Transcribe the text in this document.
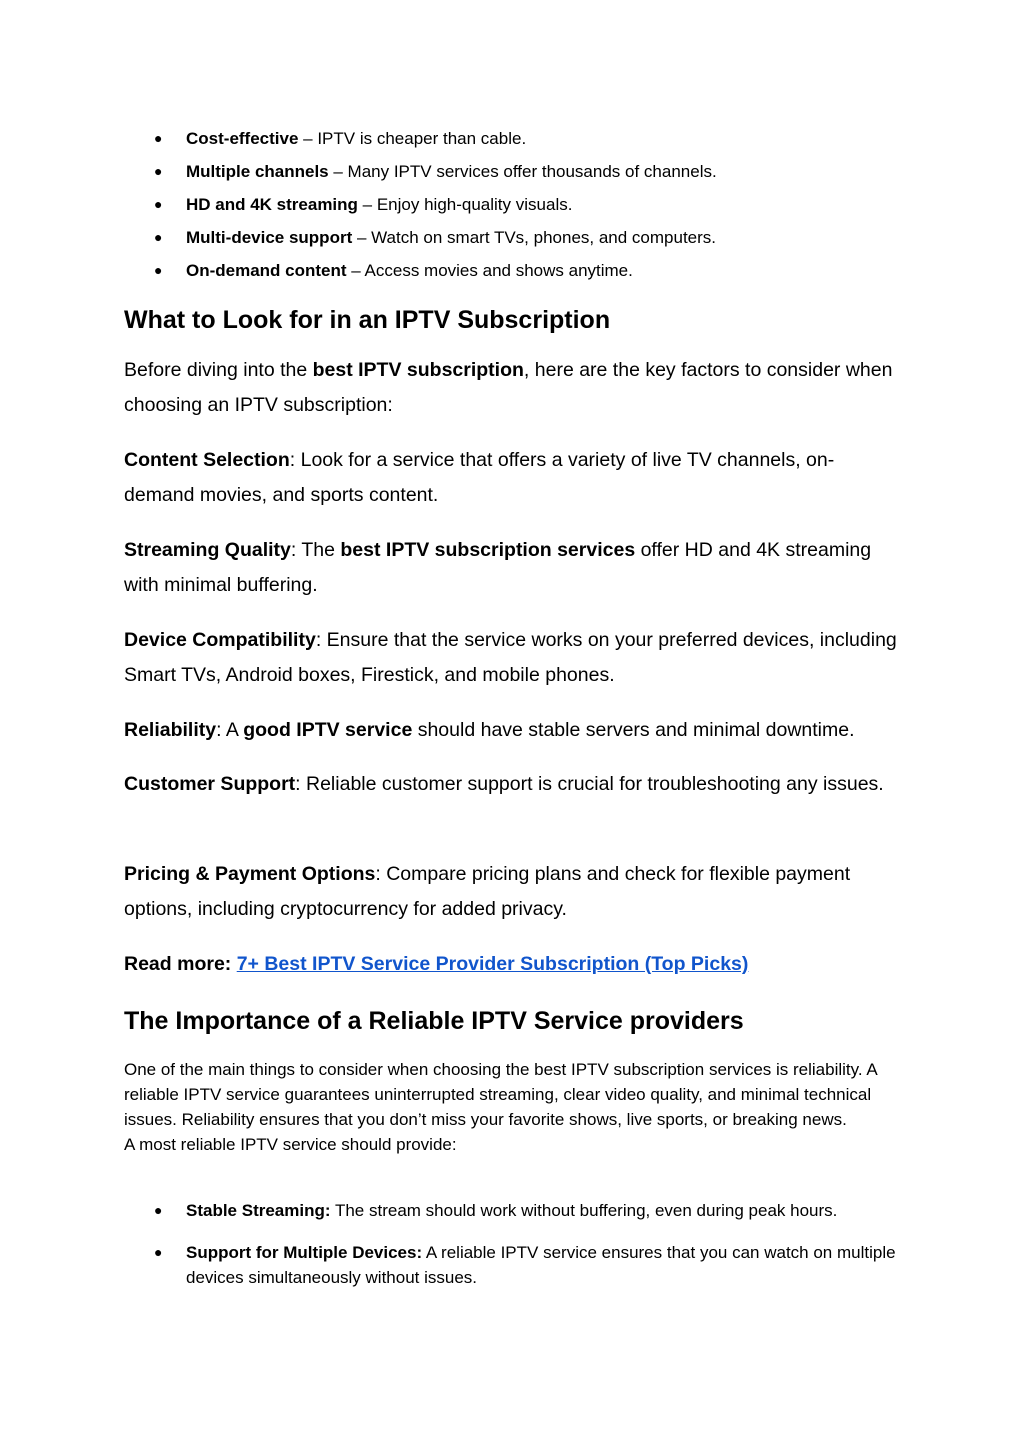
● Cost-effective – IPTV is cheaper than cable.
● Multiple channels – Many IPTV services offer thousands of channels.
● HD and 4K streaming – Enjoy high-quality visuals.
● Multi-device support – Watch on smart TVs, phones, and computers.
● On-demand content – Access movies and shows anytime.
What to Look for in an IPTV Subscription
Before diving into the best IPTV subscription, here are the key factors to consider when choosing an IPTV subscription:
Content Selection: Look for a service that offers a variety of live TV channels, on-demand movies, and sports content.
Streaming Quality: The best IPTV subscription services offer HD and 4K streaming with minimal buffering.
Device Compatibility: Ensure that the service works on your preferred devices, including Smart TVs, Android boxes, Firestick, and mobile phones.
Reliability: A good IPTV service should have stable servers and minimal downtime.
Customer Support: Reliable customer support is crucial for troubleshooting any issues.
Pricing & Payment Options: Compare pricing plans and check for flexible payment options, including cryptocurrency for added privacy.
Read more: 7+ Best IPTV Service Provider Subscription (Top Picks)
The Importance of a Reliable IPTV Service providers
One of the main things to consider when choosing the best IPTV subscription services is reliability. A reliable IPTV service guarantees uninterrupted streaming, clear video quality, and minimal technical issues. Reliability ensures that you don’t miss your favorite shows, live sports, or breaking news.
A most reliable IPTV service should provide:
● Stable Streaming: The stream should work without buffering, even during peak hours.
● Support for Multiple Devices: A reliable IPTV service ensures that you can watch on multiple devices simultaneously without issues.
